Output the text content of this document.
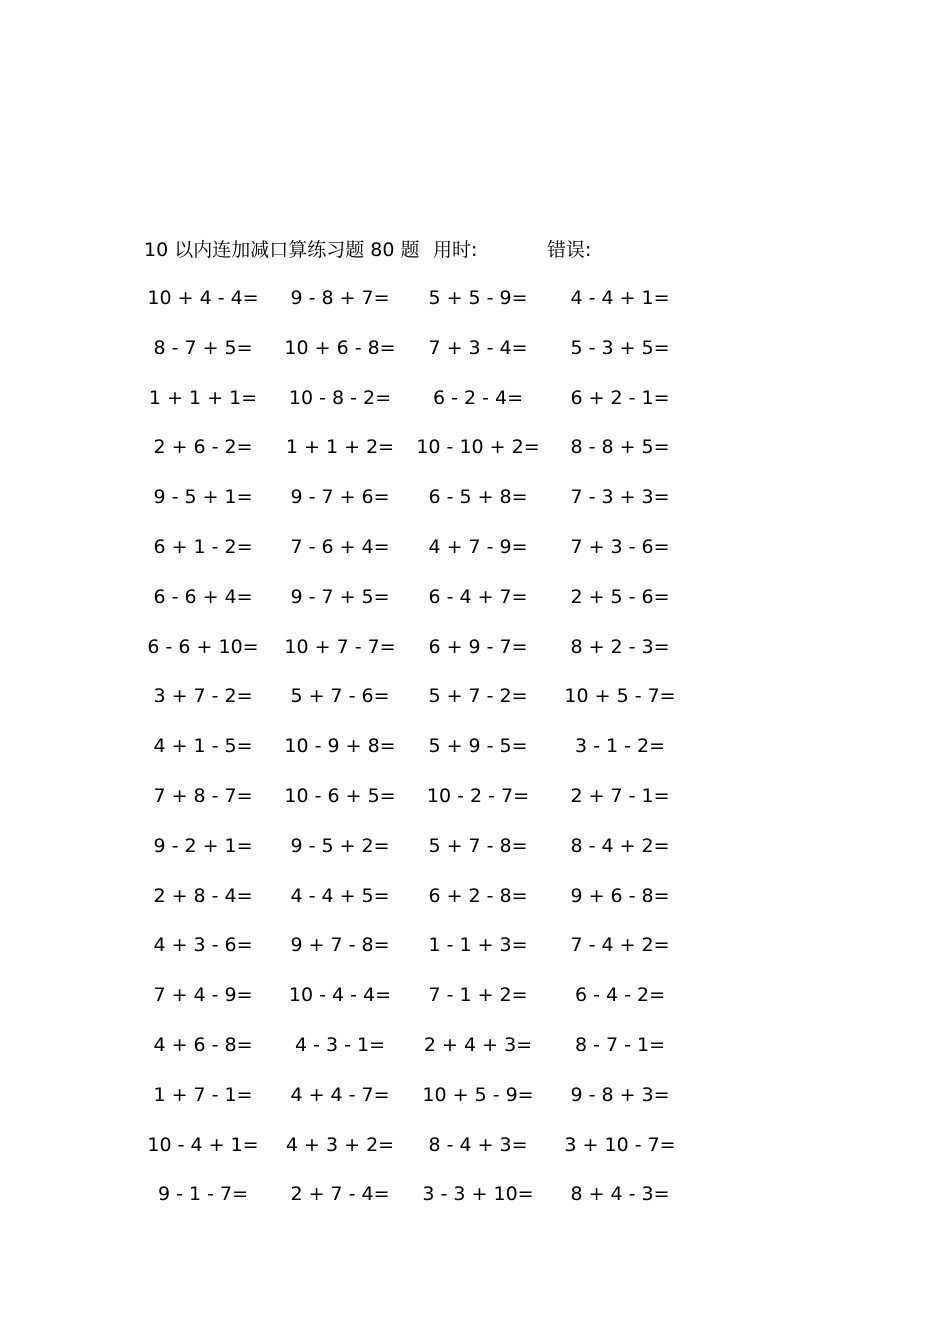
10 以内连加减口算练习题 80 题 用时:	错误:
10 + 4 - 4=	9 - 8 + 7=	5 + 5 - 9=	4 - 4 + 1=
8 - 7 + 5=	10 + 6 - 8=	7 + 3 - 4=	5 - 3 + 5=
1 + 1 + 1=	10 - 8 - 2=	6 - 2 - 4=	6 + 2 - 1=
2 + 6 - 2=	1 + 1 + 2=	10 - 10 + 2=	8 - 8 + 5=
9 - 5 + 1=	9 - 7 + 6=	6 - 5 + 8=	7 - 3 + 3=
6 + 1 - 2=	7 - 6 + 4=	4 + 7 - 9=	7 + 3 - 6=
6 - 6 + 4=	9 - 7 + 5=	6 - 4 + 7=	2 + 5 - 6=
6 - 6 + 10=	10 + 7 - 7=	6 + 9 - 7=	8 + 2 - 3=
3 + 7 - 2=	5 + 7 - 6=	5 + 7 - 2=	10 + 5 - 7=
4 + 1 - 5=	10 - 9 + 8=	5 + 9 - 5=	3 - 1 - 2=
7 + 8 - 7=	10 - 6 + 5=	10 - 2 - 7=	2 + 7 - 1=
9 - 2 + 1=	9 - 5 + 2=	5 + 7 - 8=	8 - 4 + 2=
2 + 8 - 4=	4 - 4 + 5=	6 + 2 - 8=	9 + 6 - 8=
4 + 3 - 6=	9 + 7 - 8=	1 - 1 + 3=	7 - 4 + 2=
7 + 4 - 9=	10 - 4 - 4=	7 - 1 + 2=	6 - 4 - 2=
4 + 6 - 8=	4 - 3 - 1=	2 + 4 + 3=	8 - 7 - 1=
1 + 7 - 1=	4 + 4 - 7=	10 + 5 - 9=	9 - 8 + 3=
10 - 4 + 1=	4 + 3 + 2=	8 - 4 + 3=	3 + 10 - 7=
9 - 1 - 7=	2 + 7 - 4=	3 - 3 + 10=	8 + 4 - 3=
